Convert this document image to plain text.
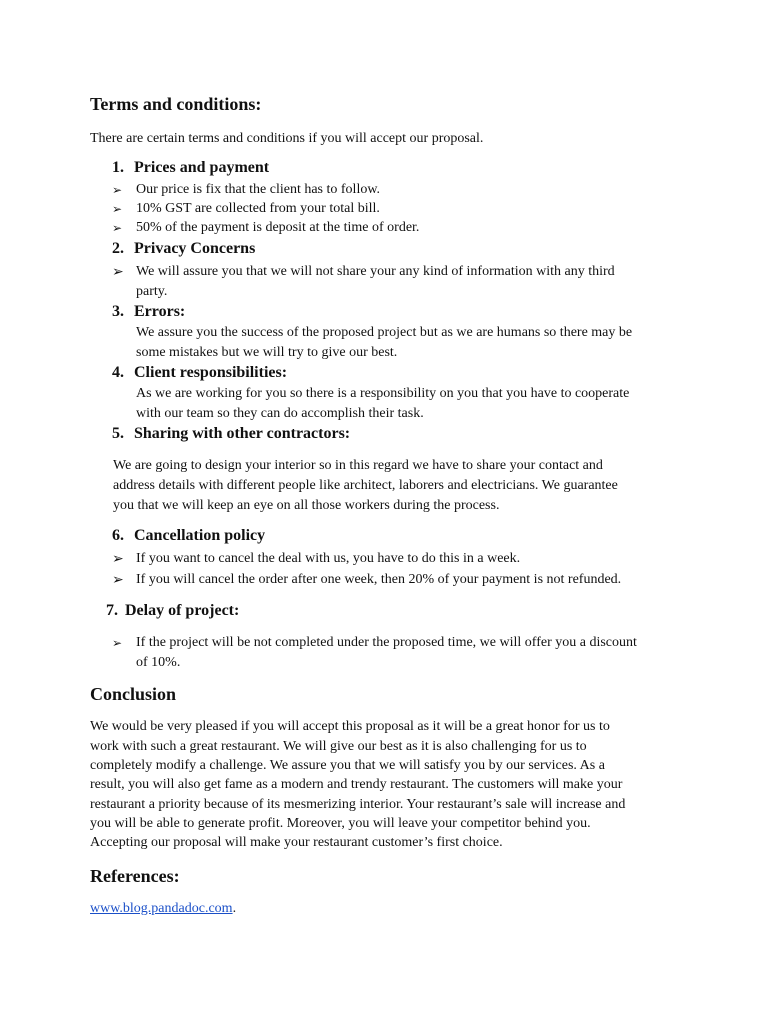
Terms and conditions:

There are certain terms and conditions if you will accept our proposal.

1. Prices and payment
➢ Our price is fix that the client has to follow.
➢ 10% GST are collected from your total bill.
➢ 50% of the payment is deposit at the time of order.
2. Privacy Concerns
➢ We will assure you that we will not share your any kind of information with any third
party.
3. Errors:

We assure you the success of the proposed project but as we are humans so there may be

some mistakes but we will try to give our best.

4. Client responsibilities:

As we are working for you so there is a responsibility on you that you have to cooperate

with our team so they can do accomplish their task.

5. Sharing with other contractors:

We are going to design your interior so in this regard we have to share your contact and

address details with different people like architect, laborers and electricians. We guarantee

you that we will keep an eye on all those workers during the process.

6. Cancellation policy
➢ If you want to cancel the deal with us, you have to do this in a week.
➢ If you will cancel the order after one week, then 20% of your payment is not refunded.
7. Delay of project:
➢ If the project will be not completed under the proposed time, we will offer you a discount
of 10%.
Conclusion

We would be very pleased if you will accept this proposal as it will be a great honor for us to

work with such a great restaurant. We will give our best as it is also challenging for us to

completely modify a challenge. We assure you that we will satisfy you by our services. As a

result, you will also get fame as a modern and trendy restaurant. The customers will make your

restaurant a priority because of its mesmerizing interior. Your restaurant’s sale will increase and

you will be able to generate profit. Moreover, you will leave your competitor behind you.

Accepting our proposal will make your restaurant customer’s first choice.

References:

www.blog.pandadoc.com.
